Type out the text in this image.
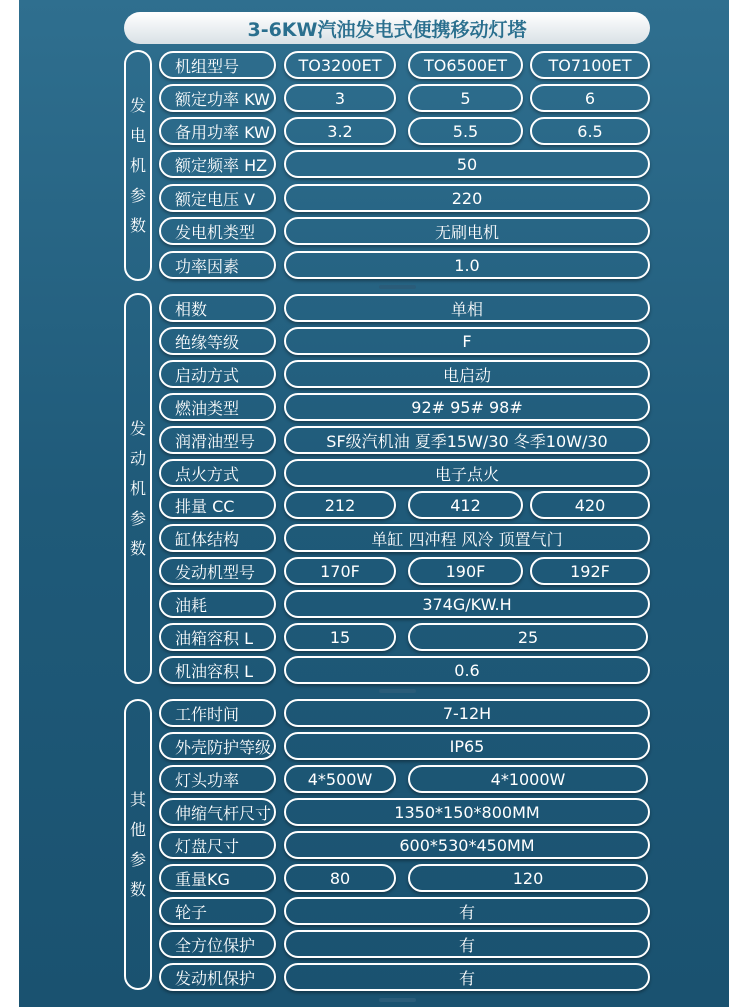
3-6KW汽油发电式便携移动灯塔
发
电
机
参
数
发
动
机
参
数
其
他
参
数
机组型号	TO3200ET	TO6500ET	TO7100ET
额定功率 KW	3	5	6
备用功率 KW	3.2	5.5	6.5
额定频率 HZ	50
额定电压 V	220
发电机类型	无刷电机
功率因素	1.0
相数	单相
绝缘等级	F
启动方式	电启动
燃油类型	92# 95# 98#
润滑油型号	SF级汽机油 夏季15W/30 冬季10W/30
点火方式	电子点火
排量 CC	212	412	420
缸体结构	单缸 四冲程 风冷 顶置气门
发动机型号	170F	190F	192F
油耗	374G/KW.H
油箱容积 L	15	25
机油容积 L	0.6
工作时间	7-12H
外壳防护等级	IP65
灯头功率	4*500W	4*1000W
伸缩气杆尺寸	1350*150*800MM
灯盘尺寸	600*530*450MM
重量KG	80	120
轮子	有
全方位保护	有
发动机保护	有
